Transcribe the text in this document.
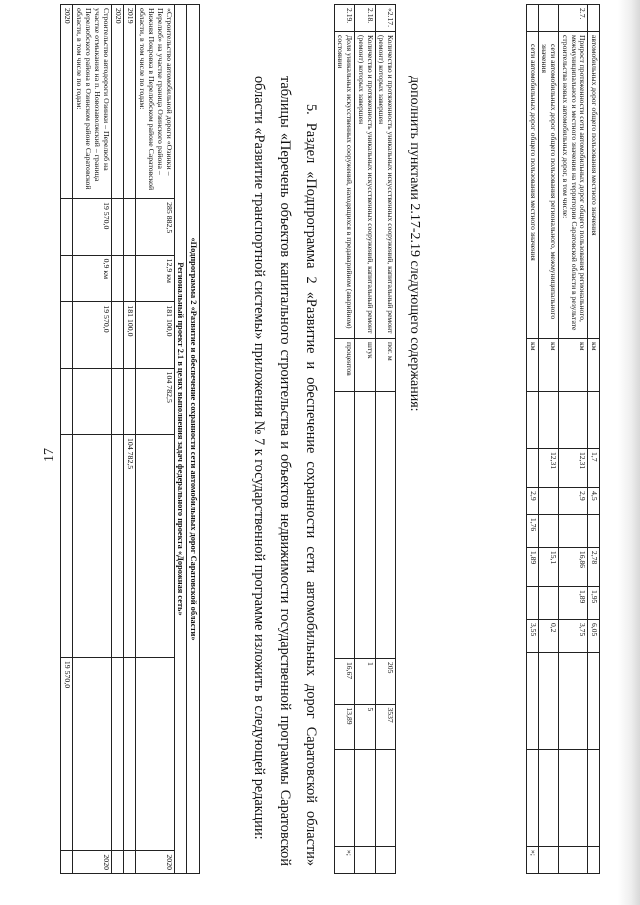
17
	автомобильных дорог общего пользования местного значения	км		1,7	4,5		2,78	1,95	6,05			
2.7.	Прирост протяженности сети автомобильных дорог общего пользования регионального, межмуниципального и местного значения на территории Саратовской области в результате строительства новых автомобильных дорог, в том числе:	км		12,31	2,9		16,86	1,89	3,75			
	сети автомобильных дорог общего пользования регионального, межмуниципального значения	км		12,31			15,1		0,2			
	сети автомобильных дорог общего пользования местного значения	км			2,9	1,76	1,89		3,55			»;
дополнить пунктами 2.17-2.19 следующего содержания:
«2.17.	Количество и протяженность уникальных искусственных сооружений, капитальный ремонт (ремонт) которых завершен	пог. м		205	3537		
2.18.	Количество и протяженность уникальных искусственных сооружений, капитальный ремонт (ремонт) которых завершен	штук		1	5		
2.19.	Доля уникальных искусственных сооружений, находящихся в предаварийном (аварийном) состоянии	процентов		16,67	13,89		»;
5. Раздел «Подпрограмма 2 «Развитие и обеспечение сохранности сети автомобильных дорог Саратовской области» таблицы «Перечень объектов капитального строительства и объектов недвижимости государственной программы Саратовской области «Развитие транспортной системы» приложения № 7 к государственной программе изложить в следующей редакции:
«Подпрограмма 2 «Развитие и обеспечение сохранности сети автомобильных дорог Саратовской области»							
Региональный проект 2.1 в целях выполнения задач федерального проекта «Дорожная сеть»							
«Строительство автомобильной дороги «Озинки – Перелюб» на участке граница Озинского района – Нижняя Покровка в Перелюбском районе Саратовской области, в том числе по годам:	285 882,5	12,9 км	181 100,0	104 782,5			2020
2019			181 100,0		104 782,5		
2020							
Строительство автодороги Озинки – Перелюб на участке отмыкания на п. Новозаволжский – граница Перелюбского района в Озинском районе Саратовской области, в том числе по годам:	19 570,0	0,9 км	19 570,0				2020
2020						19 570,0	
